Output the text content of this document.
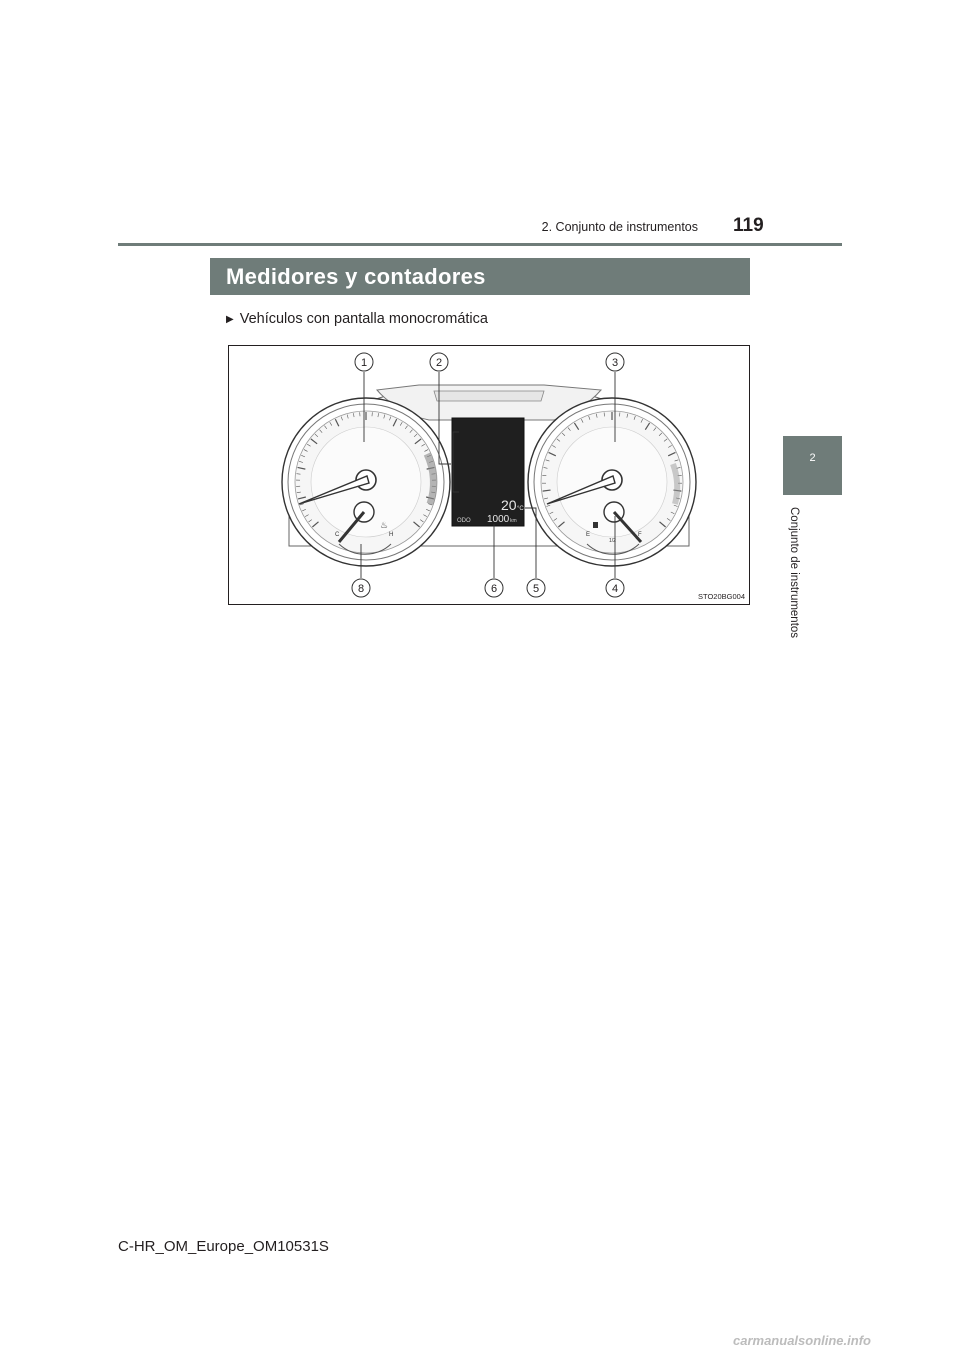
119
2. Conjunto de instrumentos
2
Conjunto de instrumentos
Medidores y contadores
▶ Vehículos con pantalla monocromática
C	H
♨
20 °C
ODO 1000 km
E
1/2
F
1	2	3
4
5
6
8
STO20BG004
C-HR_OM_Europe_OM10531S
carmanualsonline.info
